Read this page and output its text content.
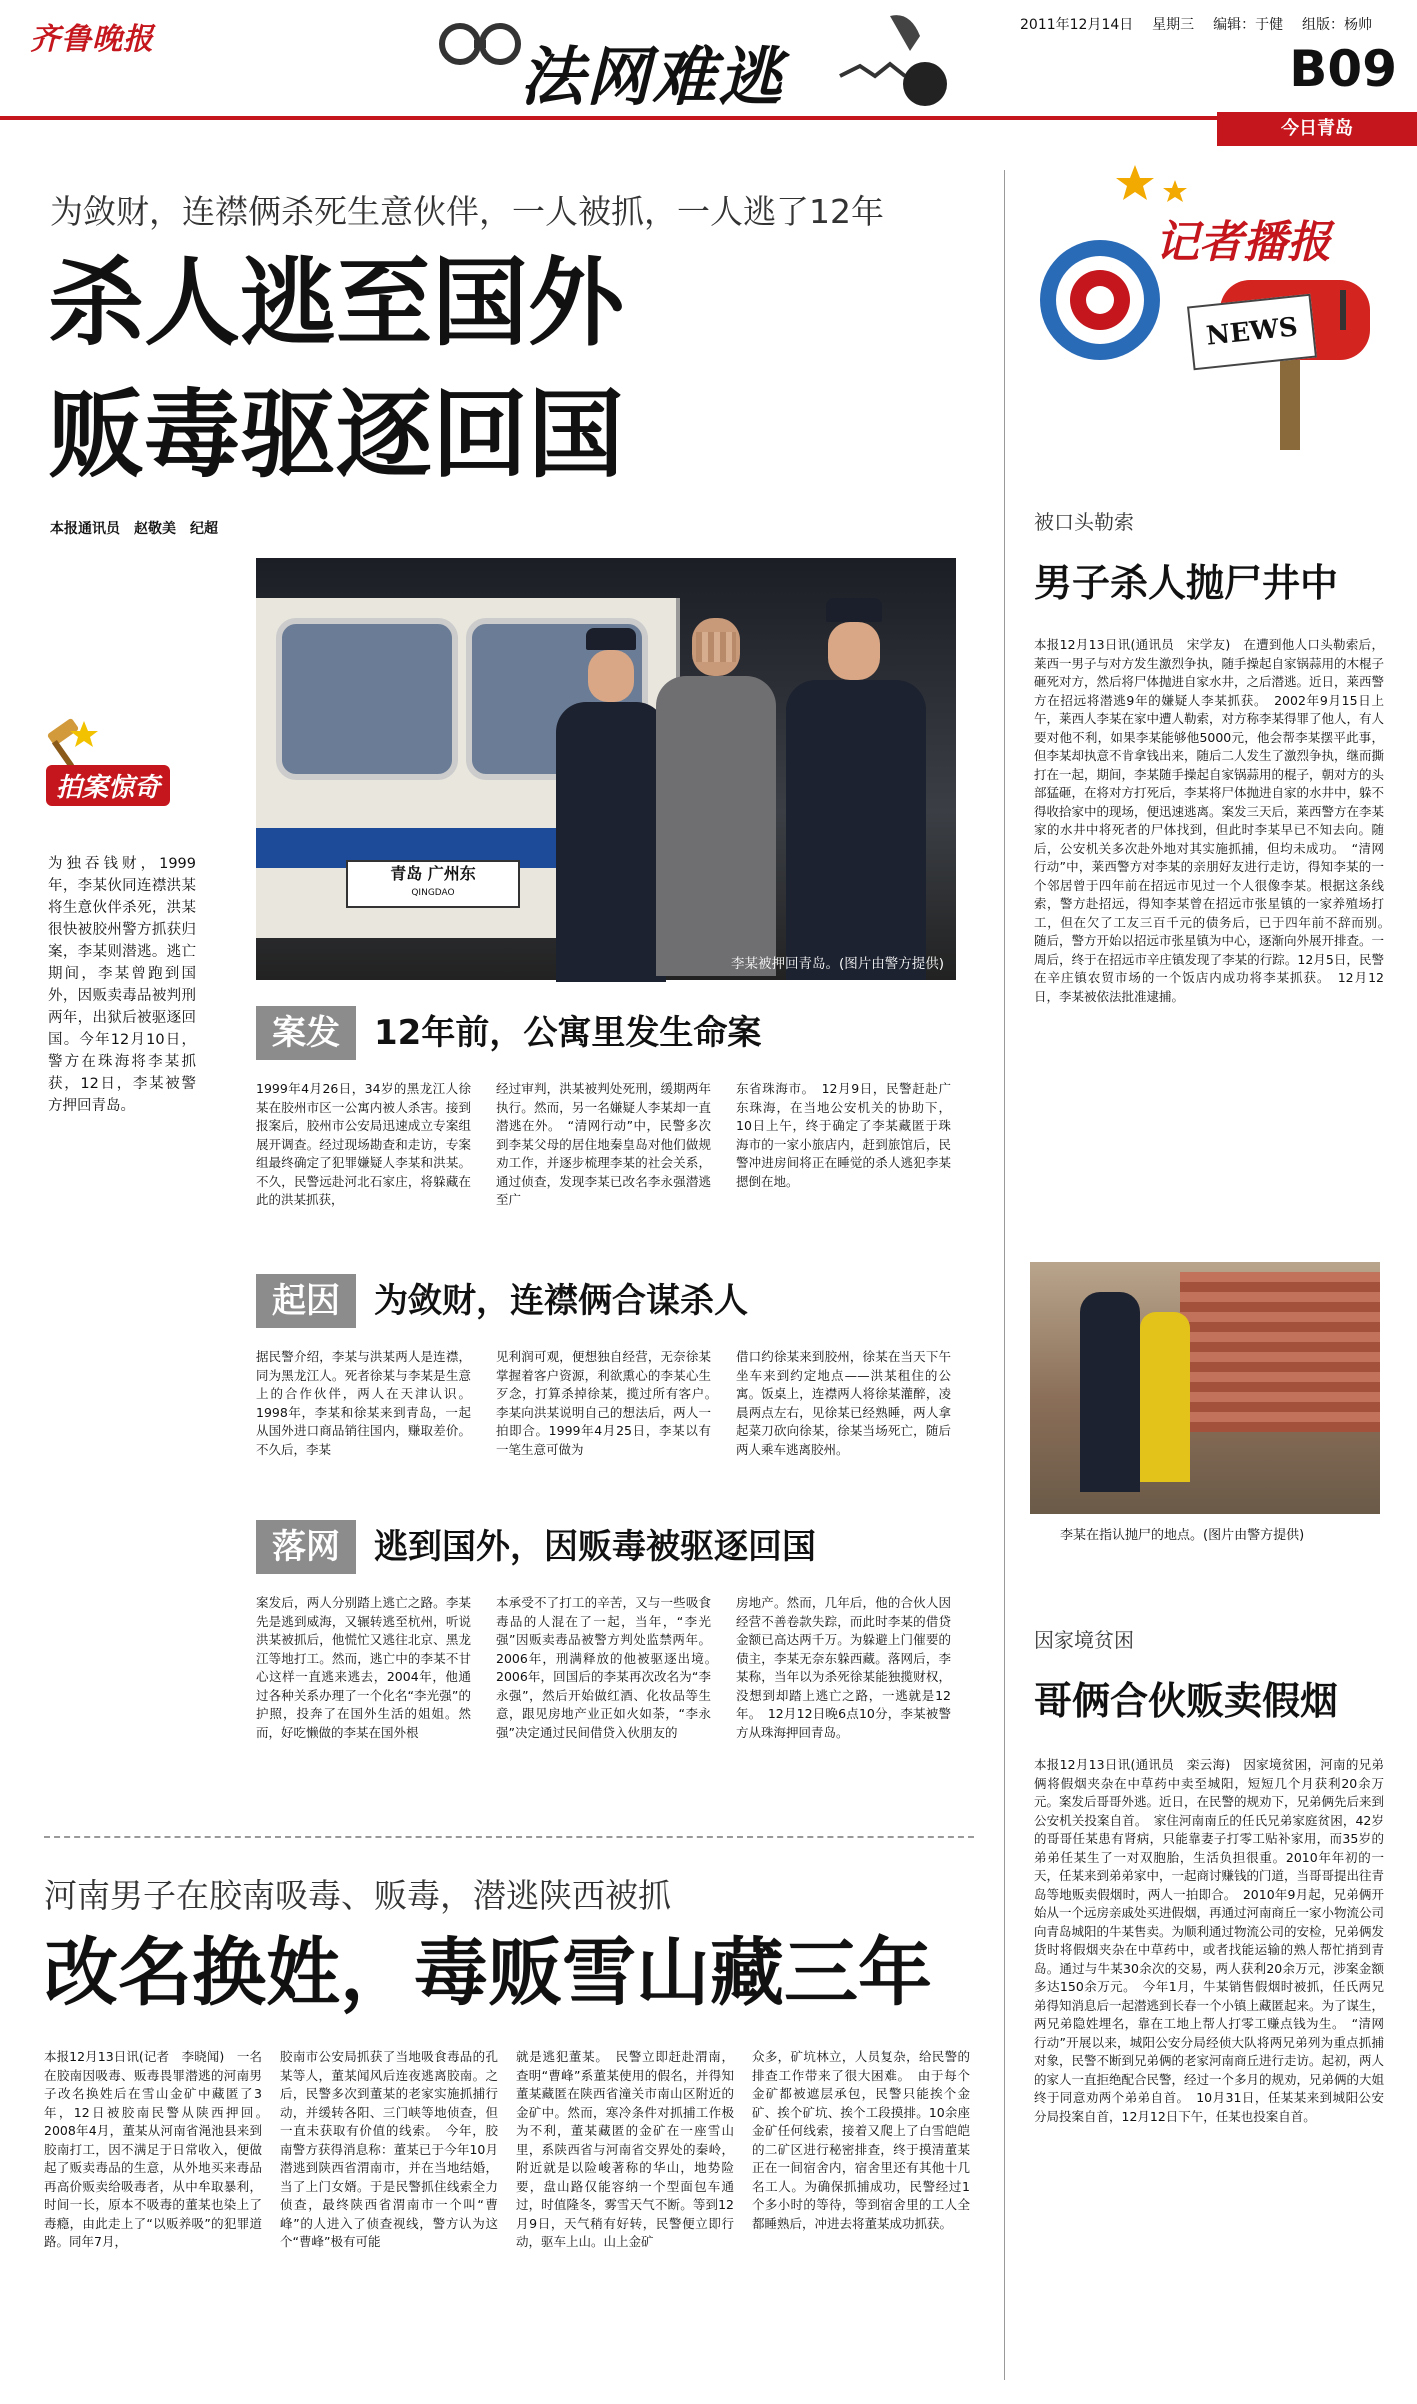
齐鲁晚报
法网难逃
2011年12月14日 星期三 编辑：于健 组版：杨帅
B09
今日青岛
为敛财，连襟俩杀死生意伙伴，一人被抓，一人逃了12年
杀人逃至国外
贩毒驱逐回国
本报通讯员　赵敬美　纪超
拍案惊奇

为独吞钱财，1999年，李某伙同连襟洪某将生意伙伴杀死，洪某很快被胶州警方抓获归案，李某则潜逃。逃亡期间，李某曾跑到国外，因贩卖毒品被判刑两年，出狱后被驱逐回国。今年12月10日，警方在珠海将李某抓获，12日，李某被警方押回青岛。

青岛 广州东
QINGDAO
李某被押回青岛。(图片由警方提供)
案发	12年前，公寓里发生命案

1999年4月26日，34岁的黑龙江人徐某在胶州市区一公寓内被人杀害。接到报案后，胶州市公安局迅速成立专案组展开调查。经过现场勘查和走访，专案组最终确定了犯罪嫌疑人李某和洪某。不久，民警远赴河北石家庄，将躲藏在此的洪某抓获，

经过审判，洪某被判处死刑，缓期两年执行。然而，另一名嫌疑人李某却一直潜逃在外。　“清网行动”中，民警多次到李某父母的居住地秦皇岛对他们做规劝工作，并逐步梳理李某的社会关系，通过侦查，发现李某已改名李永强潜逃至广

东省珠海市。　12月9日，民警赶赴广东珠海，在当地公安机关的协助下，10日上午，终于确定了李某藏匿于珠海市的一家小旅店内，赶到旅馆后，民警冲进房间将正在睡觉的杀人逃犯李某摁倒在地。

起因	为敛财，连襟俩合谋杀人

据民警介绍，李某与洪某两人是连襟，同为黑龙江人。死者徐某与李某是生意上的合作伙伴，两人在天津认识。1998年，李某和徐某来到青岛，一起从国外进口商品销往国内，赚取差价。不久后，李某

见利润可观，便想独自经营，无奈徐某掌握着客户资源，利欲熏心的李某心生歹念，打算杀掉徐某，揽过所有客户。　李某向洪某说明自己的想法后，两人一拍即合。1999年4月25日，李某以有一笔生意可做为

借口约徐某来到胶州，徐某在当天下午坐车来到约定地点——洪某租住的公寓。饭桌上，连襟两人将徐某灌醉，凌晨两点左右，见徐某已经熟睡，两人拿起菜刀砍向徐某，徐某当场死亡，随后两人乘车逃离胶州。

落网	逃到国外，因贩毒被驱逐回国

案发后，两人分别踏上逃亡之路。李某先是逃到威海，又辗转逃至杭州，听说洪某被抓后，他慌忙又逃往北京、黑龙江等地打工。然而，逃亡中的李某不甘心这样一直逃来逃去，2004年，他通过各种关系办理了一个化名“李光强”的护照，投奔了在国外生活的姐姐。然而，好吃懒做的李某在国外根

本承受不了打工的辛苦，又与一些吸食毒品的人混在了一起，当年，“李光强”因贩卖毒品被警方判处监禁两年。2006年，刑满释放的他被驱逐出境。　2006年，回国后的李某再次改名为“李永强”，然后开始做红酒、化妆品等生意，跟见房地产业正如火如荼，“李永强”决定通过民间借贷入伙朋友的

房地产。然而，几年后，他的合伙人因经营不善卷款失踪，而此时李某的借贷金额已高达两千万。为躲避上门催要的债主，李某无奈东躲西藏。落网后，李某称，当年以为杀死徐某能独揽财权，没想到却踏上逃亡之路，一逃就是12年。　12月12日晚6点10分，李某被警方从珠海押回青岛。

河南男子在胶南吸毒、贩毒，潜逃陕西被抓
改名换姓，毒贩雪山藏三年

本报12月13日讯(记者　李晓闻)　一名在胶南因吸毒、贩毒畏罪潜逃的河南男子改名换姓后在雪山金矿中藏匿了3年，12日被胶南民警从陕西押回。　2008年4月，董某从河南省渑池县来到胶南打工，因不满足于日常收入，便做起了贩卖毒品的生意，从外地买来毒品再高价贩卖给吸毒者，从中牟取暴利，时间一长，原本不吸毒的董某也染上了毒瘾，由此走上了“以贩养吸”的犯罪道路。同年7月，

胶南市公安局抓获了当地吸食毒品的孔某等人，董某闻风后连夜逃离胶南。之后，民警多次到董某的老家实施抓捕行动，并缓转各阳、三门峡等地侦查，但一直未获取有价值的线索。　今年，胶南警方获得消息称：董某已于今年10月潜逃到陕西省渭南市，并在当地结婚，当了上门女婿。于是民警抓住线索全力侦查，最终陕西省渭南市一个叫“曹峰”的人进入了侦查视线，警方认为这个“曹峰”极有可能

就是逃犯董某。　民警立即赶赴渭南，查明“曹峰”系董某使用的假名，并得知董某藏匿在陕西省潼关市南山区附近的金矿中。然而，寒冷条件对抓捕工作极为不利，董某藏匿的金矿在一座雪山里，系陕西省与河南省交界处的秦岭，附近就是以险峻著称的华山，地势险要，盘山路仅能容纳一个型面包车通过，时值隆冬，雾雪天气不断。等到12月9日，天气稍有好转，民警便立即行动，驱车上山。山上金矿

众多，矿坑林立，人员复杂，给民警的排查工作带来了很大困难。　由于每个金矿都被遮层承包，民警只能挨个金矿、挨个矿坑、挨个工段摸排。10余座金矿任何线索，接着又爬上了白雪皑皑的二矿区进行秘密排查，终于摸清董某正在一间宿舍内，宿舍里还有其他十几名工人。为确保抓捕成功，民警经过1个多小时的等待，等到宿舍里的工人全都睡熟后，冲进去将董某成功抓获。

记者播报
NEWS
被口头勒索
男子杀人抛尸井中

本报12月13日讯(通讯员　宋学友)　在遭到他人口头勒索后，莱西一男子与对方发生激烈争执，随手操起自家锅蒜用的木棍子砸死对方，然后将尸体抛进自家水井，之后潜逃。近日，莱西警方在招远将潜逃9年的嫌疑人李某抓获。　2002年9月15日上午，莱西人李某在家中遭人勒索，对方称李某得罪了他人，有人要对他不利，如果李某能够他5000元，他会帮李某摆平此事，但李某却执意不肯拿钱出来，随后二人发生了激烈争执，继而撕打在一起，期间，李某随手操起自家锅蒜用的棍子，朝对方的头部猛砸，在将对方打死后，李某将尸体抛进自家的水井中，躲不得收拾家中的现场，便迅速逃离。案发三天后，莱西警方在李某家的水井中将死者的尸体找到，但此时李某早已不知去向。随后，公安机关多次赴外地对其实施抓捕，但均未成功。　“清网行动”中，莱西警方对李某的亲朋好友进行走访，得知李某的一个邻居曾于四年前在招远市见过一个人很像李某。根据这条线索，警方赴招远，得知李某曾在招远市张星镇的一家养殖场打工，但在欠了工友三百千元的债务后，已于四年前不辞而别。　随后，警方开始以招远市张星镇为中心，逐渐向外展开排查。一周后，终于在招远市辛庄镇发现了李某的行踪。12月5日，民警在辛庄镇农贸市场的一个饭店内成功将李某抓获。　12月12日，李某被依法批准逮捕。

李某在指认抛尸的地点。(图片由警方提供)
因家境贫困
哥俩合伙贩卖假烟

本报12月13日讯(通讯员　栾云海)　因家境贫困，河南的兄弟俩将假烟夹杂在中草药中卖至城阳，短短几个月获利20余万元。案发后哥哥外逃。近日，在民警的规劝下，兄弟俩先后来到公安机关投案自首。　家住河南南丘的任氏兄弟家庭贫困，42岁的哥哥任某患有肾病，只能靠妻子打零工贴补家用，而35岁的弟弟任某生了一对双胞胎，生活负担很重。2010年年初的一天，任某来到弟弟家中，一起商讨赚钱的门道，当哥哥提出往青岛等地贩卖假烟时，两人一拍即合。　2010年9月起，兄弟俩开始从一个远房亲戚处买进假烟，再通过河南商丘一家小物流公司向青岛城阳的牛某售卖。为顺利通过物流公司的安检，兄弟俩发货时将假烟夹杂在中草药中，或者找能运输的熟人帮忙捎到青岛。通过与牛某30余次的交易，两人获利20余万元，涉案金额多达150余万元。　今年1月，牛某销售假烟时被抓，任氏两兄弟得知消息后一起潜逃到长春一个小镇上藏匿起来。为了谋生，两兄弟隐姓埋名，靠在工地上帮人打零工赚点钱为生。　“清网行动”开展以来，城阳公安分局经侦大队将两兄弟列为重点抓捕对象，民警不断到兄弟俩的老家河南商丘进行走访。起初，两人的家人一直拒绝配合民警，经过一个多月的规劝，兄弟俩的大姐终于同意劝两个弟弟自首。　10月31日，任某某来到城阳公安分局投案自首，12月12日下午，任某也投案自首。
